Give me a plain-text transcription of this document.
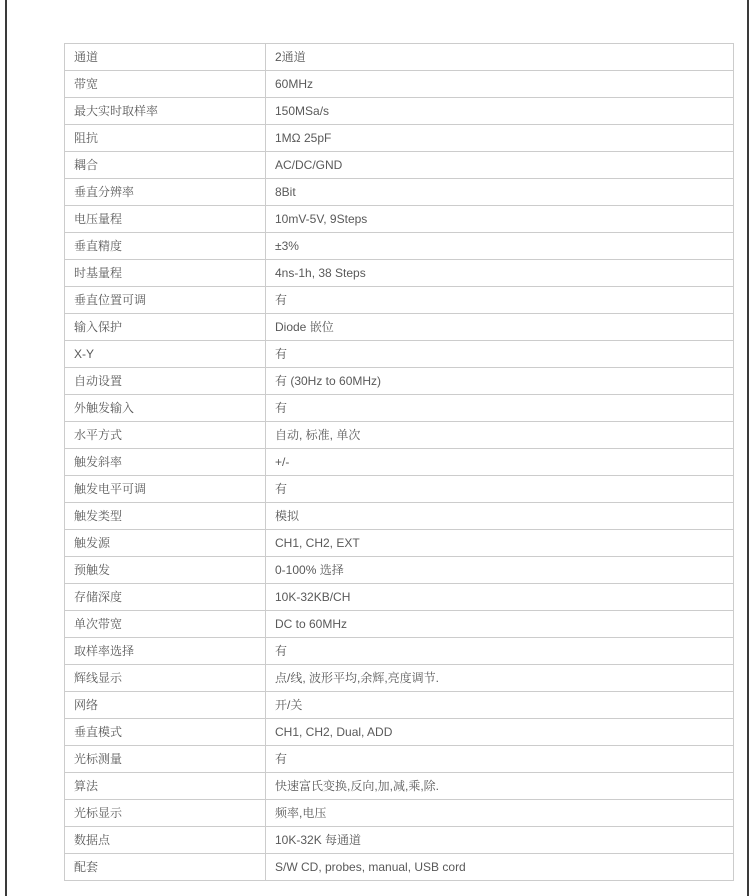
通道	2通道
带宽	60MHz
最大实时取样率	150MSa/s
阻抗	1MΩ 25pF
耦合	AC/DC/GND
垂直分辨率	8Bit
电压量程	10mV-5V, 9Steps
垂直精度	±3%
时基量程	4ns-1h, 38 Steps
垂直位置可调	有
输入保护	Diode 嵌位
X-Y	有
自动设置	有 (30Hz to 60MHz)
外触发输入	有
水平方式	自动, 标准, 单次
触发斜率	+/-
触发电平可调	有
触发类型	模拟
触发源	CH1, CH2, EXT
预触发	0-100% 选择
存储深度	10K-32KB/CH
单次带宽	DC to 60MHz
取样率选择	有
辉线显示	点/线, 波形平均,余辉,亮度调节.
网络	开/关
垂直模式	CH1, CH2, Dual, ADD
光标测量	有
算法	快速富氏变换,反向,加,减,乘,除.
光标显示	频率,电压
数据点	10K-32K 每通道
配套	S/W CD, probes, manual, USB cord
